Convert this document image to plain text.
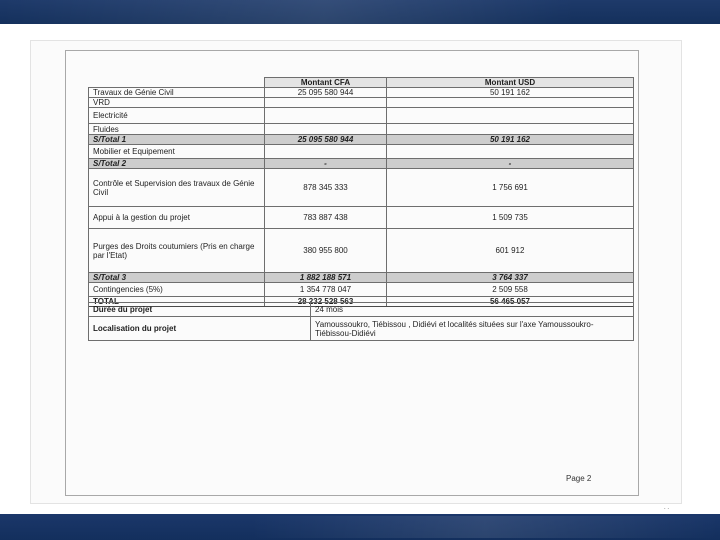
	Montant CFA	Montant USD
Travaux de Génie Civil	25 095 580 944	50 191 162
VRD		
Electricité		
Fluides		
S/Total 1	25 095 580 944	50 191 162
Mobilier et Equipement		
S/Total 2	-	-
Contrôle et Supervision des travaux de Génie Civil	878 345 333	1 756 691
Appui à la gestion du projet	783 887 438	1 509 735
Purges des Droits coutumiers (Pris en charge par l'Etat)	380 955 800	601 912
S/Total 3	1 882 188 571	3 764 337
Contingencies (5%)	1 354 778 047	2 509 558
TOTAL	28 232 528 563	56 465 057
Durée du projet	24 mois
Localisation du projet	Yamoussoukro, Tiébissou , Didiévi et localités situées sur l'axe Yamoussoukro-Tiébissou-Didiévi
Page 2
. .
